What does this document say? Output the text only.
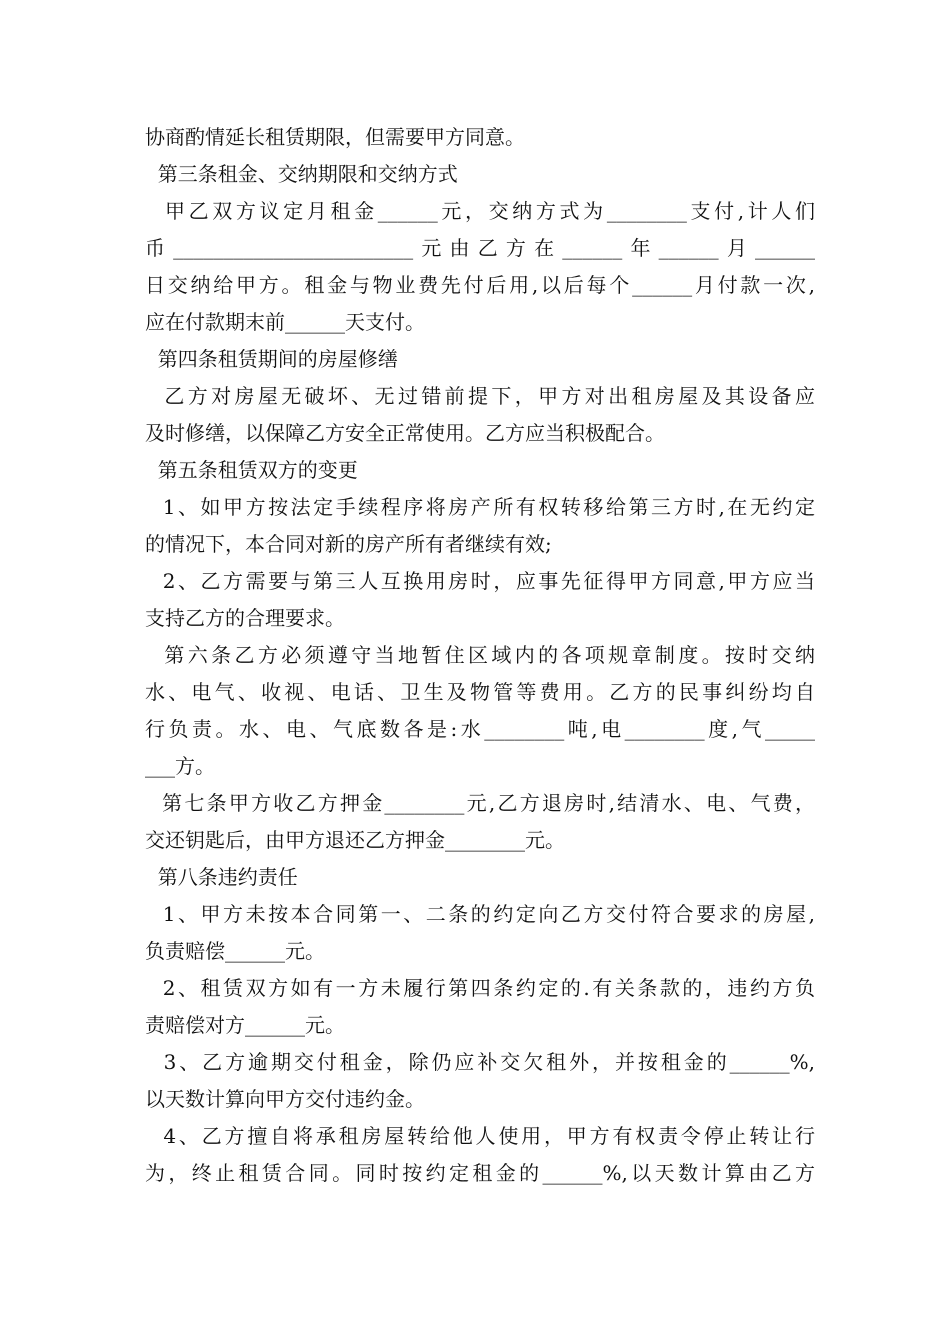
协商酌情延长租赁期限，但需要甲方同意。
第三条租金、交纳期限和交纳方式
甲乙双方议定月租金______元，交纳方式为________支付,计人们
币________________________元由乙方在______年______月______
日交纳给甲方。租金与物业费先付后用,以后每个______月付款一次,
应在付款期末前______天支付。
第四条租赁期间的房屋修缮
乙方对房屋无破坏、无过错前提下，甲方对出租房屋及其设备应
及时修缮，以保障乙方安全正常使用。乙方应当积极配合。
第五条租赁双方的变更
1、如甲方按法定手续程序将房产所有权转移给第三方时,在无约定
的情况下，本合同对新的房产所有者继续有效;
2、乙方需要与第三人互换用房时，应事先征得甲方同意,甲方应当
支持乙方的合理要求。
第六条乙方必须遵守当地暂住区域内的各项规章制度。按时交纳
水、电气、收视、电话、卫生及物管等费用。乙方的民事纠纷均自
行负责。水、电、气底数各是:水________吨,电________度,气_____
___方。
第七条甲方收乙方押金________元,乙方退房时,结清水、电、气费，
交还钥匙后，由甲方退还乙方押金________元。
第八条违约责任
1、甲方未按本合同第一、二条的约定向乙方交付符合要求的房屋,
负责赔偿______元。
2、租赁双方如有一方未履行第四条约定的.有关条款的，违约方负
责赔偿对方______元。
3、乙方逾期交付租金，除仍应补交欠租外，并按租金的______%,
以天数计算向甲方交付违约金。
4、乙方擅自将承租房屋转给他人使用，甲方有权责令停止转让行
为，终止租赁合同。同时按约定租金的______%,以天数计算由乙方
